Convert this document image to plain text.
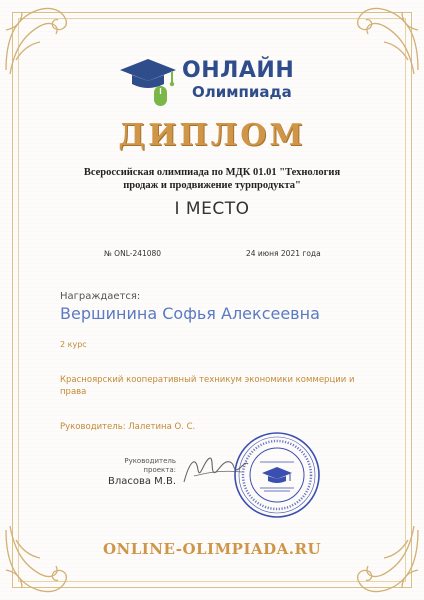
ОНЛАЙН
Олимпиада
ДИПЛОМ
Всероссийская олимпиада по МДК 01.01 "Технология продаж и продвижение турпродукта"
I МЕСТО
№ ONL-241080	24 июня 2021 года
Награждается:
Вершинина Софья Алексеевна
2 курс
Красноярский кооперативный техникум экономики коммерции и права
Руководитель: Лалетина О. С.
Руководитель проекта:
Власова М.В.
ONLINE-OLIMPIADA.RU
